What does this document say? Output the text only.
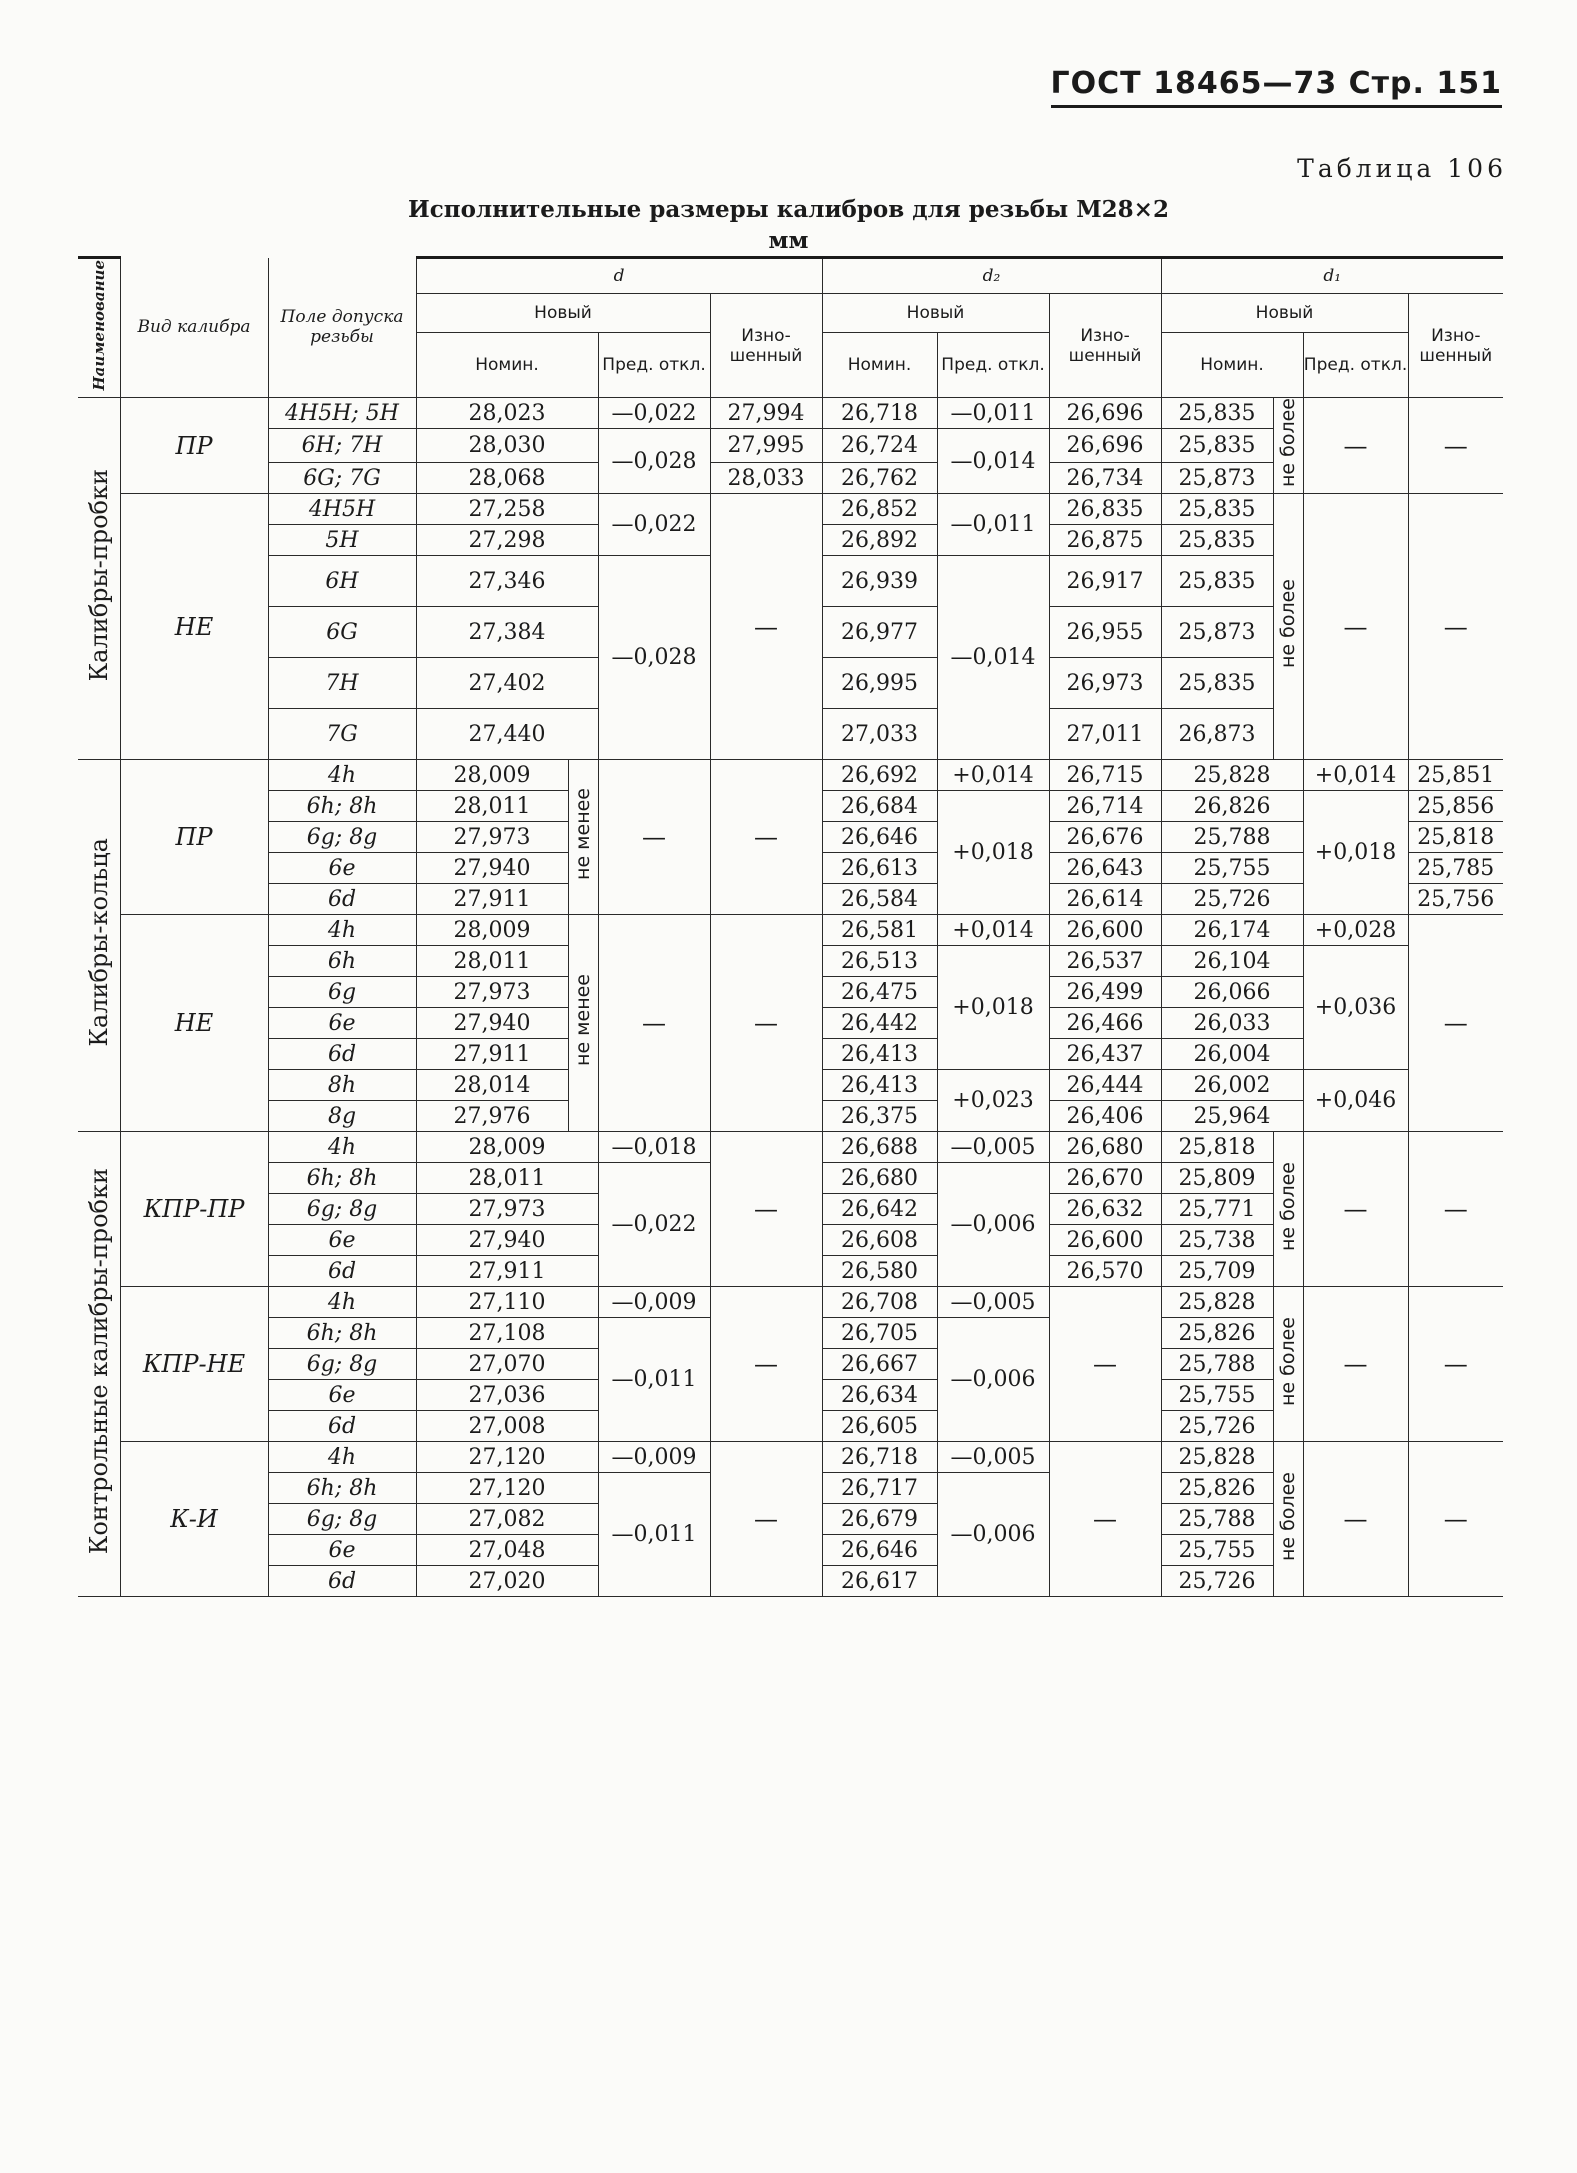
ГОСТ 18465—73 Стр. 151
Таблица 106
Исполнительные размеры калибров для резьбы М28×2
мм
Наименование	Вид калибра	Поле допуска резьбы	d				d₂			d₁			
			Новый			Изно-шенный	Новый		Изно-шенный	Новый			Изно-шенный
			Номин.		Пред. откл.		Номин.	Пред. откл.		Номин.		Пред. откл.	
Калибры-пробки	ПР	4H5H; 5H	28,023		—0,022	27,994	26,718	—0,011	26,696	25,835	не более	—	—
		6H; 7H	28,030		—0,028	27,995	26,724	—0,014	26,696	25,835			
		6G; 7G	28,068			28,033	26,762		26,734	25,873			
	НЕ	4H5H	27,258		—0,022	—	26,852	—0,011	26,835	25,835	не более	—	—
		5H	27,298				26,892		26,875	25,835			
		6H	27,346		—0,028		26,939	—0,014	26,917	25,835			
		6G	27,384				26,977		26,955	25,873			
		7H	27,402				26,995		26,973	25,835			
		7G	27,440				27,033		27,011	26,873			
Калибры-кольца	ПР	4h	28,009	не менее	—	—	26,692	+0,014	26,715	25,828		+0,014	25,851
		6h; 8h	28,011				26,684	+0,018	26,714	26,826		+0,018	25,856
		6g; 8g	27,973				26,646		26,676	25,788			25,818
		6e	27,940				26,613		26,643	25,755			25,785
		6d	27,911				26,584		26,614	25,726			25,756
	НЕ	4h	28,009	не менее	—	—	26,581	+0,014	26,600	26,174		+0,028	—
		6h	28,011				26,513	+0,018	26,537	26,104		+0,036	
		6g	27,973				26,475		26,499	26,066			
		6e	27,940				26,442		26,466	26,033			
		6d	27,911				26,413		26,437	26,004			
		8h	28,014				26,413	+0,023	26,444	26,002		+0,046	
		8g	27,976				26,375		26,406	25,964			
Контрольные калибры-пробки	КПР-ПР	4h	28,009		—0,018	—	26,688	—0,005	26,680	25,818	не более	—	—
		6h; 8h	28,011		—0,022		26,680	—0,006	26,670	25,809			
		6g; 8g	27,973				26,642		26,632	25,771			
		6e	27,940				26,608		26,600	25,738			
		6d	27,911				26,580		26,570	25,709			
	КПР-НЕ	4h	27,110		—0,009	—	26,708	—0,005	—	25,828	не более	—	—
		6h; 8h	27,108		—0,011		26,705	—0,006		25,826			
		6g; 8g	27,070				26,667			25,788			
		6e	27,036				26,634			25,755			
		6d	27,008				26,605			25,726			
	К-И	4h	27,120		—0,009	—	26,718	—0,005	—	25,828	не более	—	—
		6h; 8h	27,120		—0,011		26,717	—0,006		25,826			
		6g; 8g	27,082				26,679			25,788			
		6e	27,048				26,646			25,755			
		6d	27,020				26,617			25,726			
